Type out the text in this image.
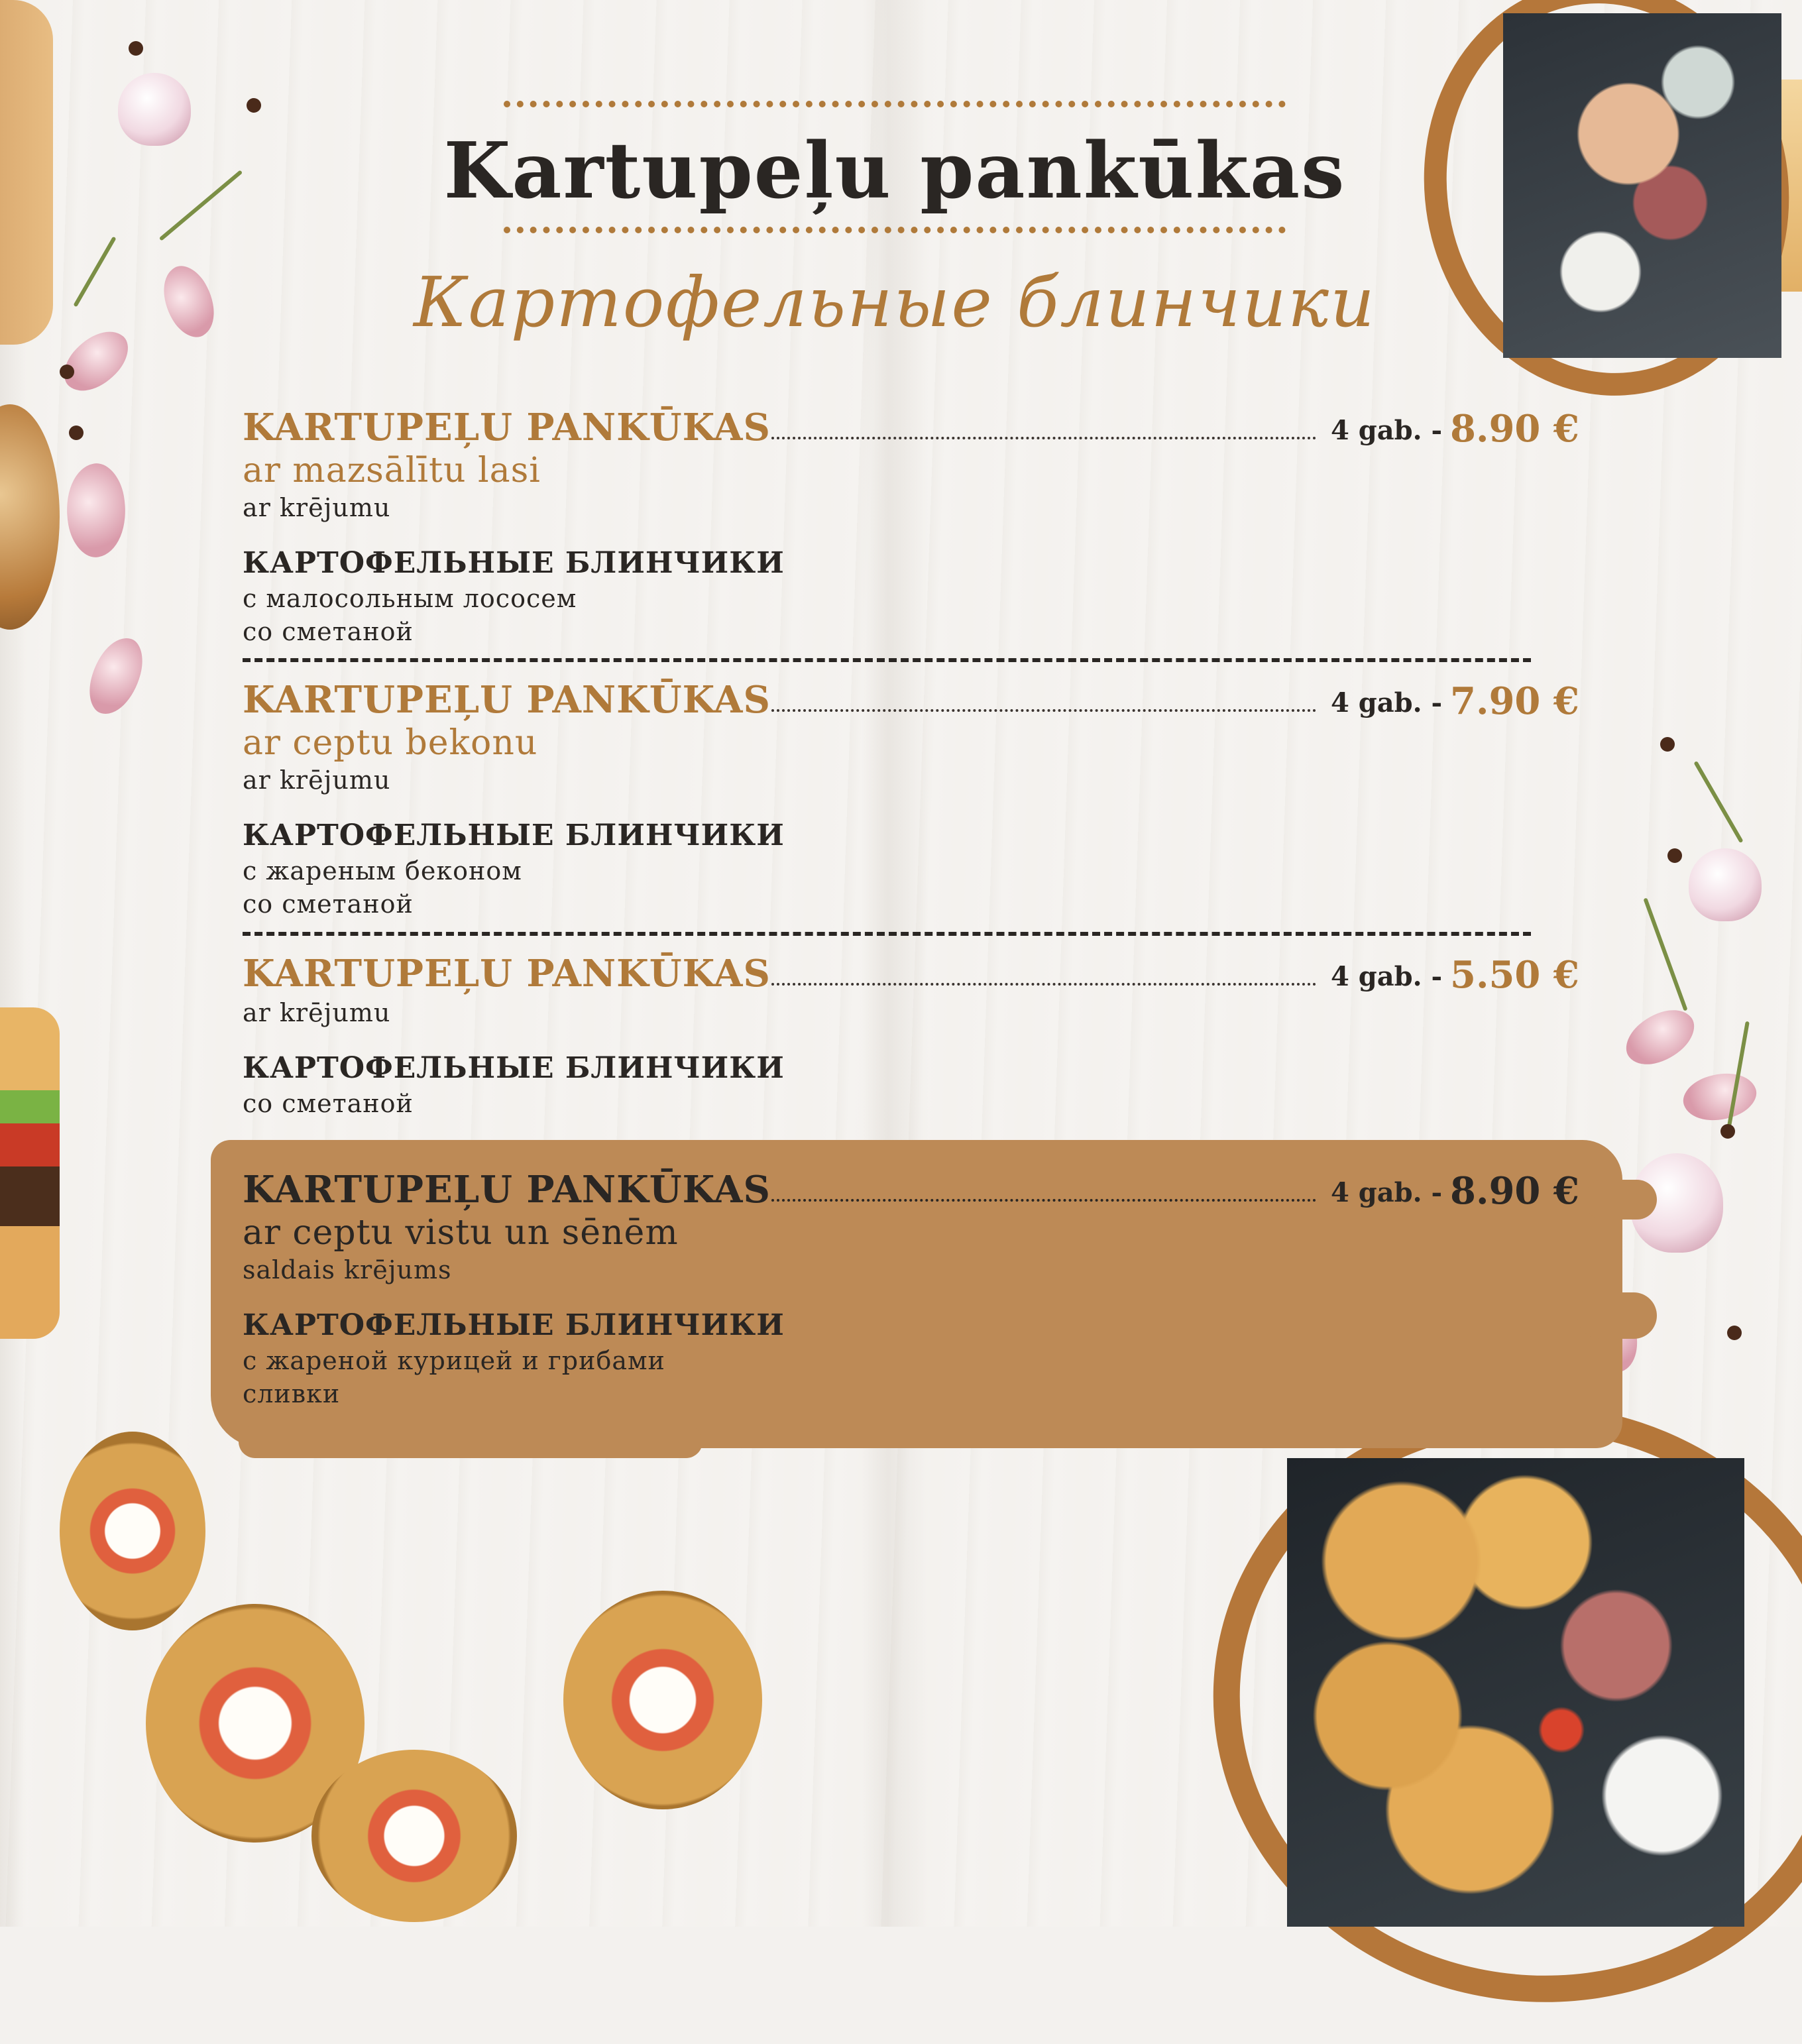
Kartupeļu pankūkas
Картофельные блинчики
KARTUPEĻU PANKŪKAS	4 gab. - 8.90 €
ar mazsālītu lasi
ar krējumu
КАРТОФЕЛЬНЫЕ БЛИНЧИКИ
с малосольным лососем
со сметаной
KARTUPEĻU PANKŪKAS	4 gab. - 7.90 €
ar ceptu bekonu
ar krējumu
КАРТОФЕЛЬНЫЕ БЛИНЧИКИ
с жареным беконом
со сметаной
KARTUPEĻU PANKŪKAS	4 gab. - 5.50 €
ar krējumu
КАРТОФЕЛЬНЫЕ БЛИНЧИКИ
со сметаной
KARTUPEĻU PANKŪKAS	4 gab. - 8.90 €
ar ceptu vistu un sēnēm
saldais krējums
КАРТОФЕЛЬНЫЕ БЛИНЧИКИ
с жареной курицей и грибами
сливки
